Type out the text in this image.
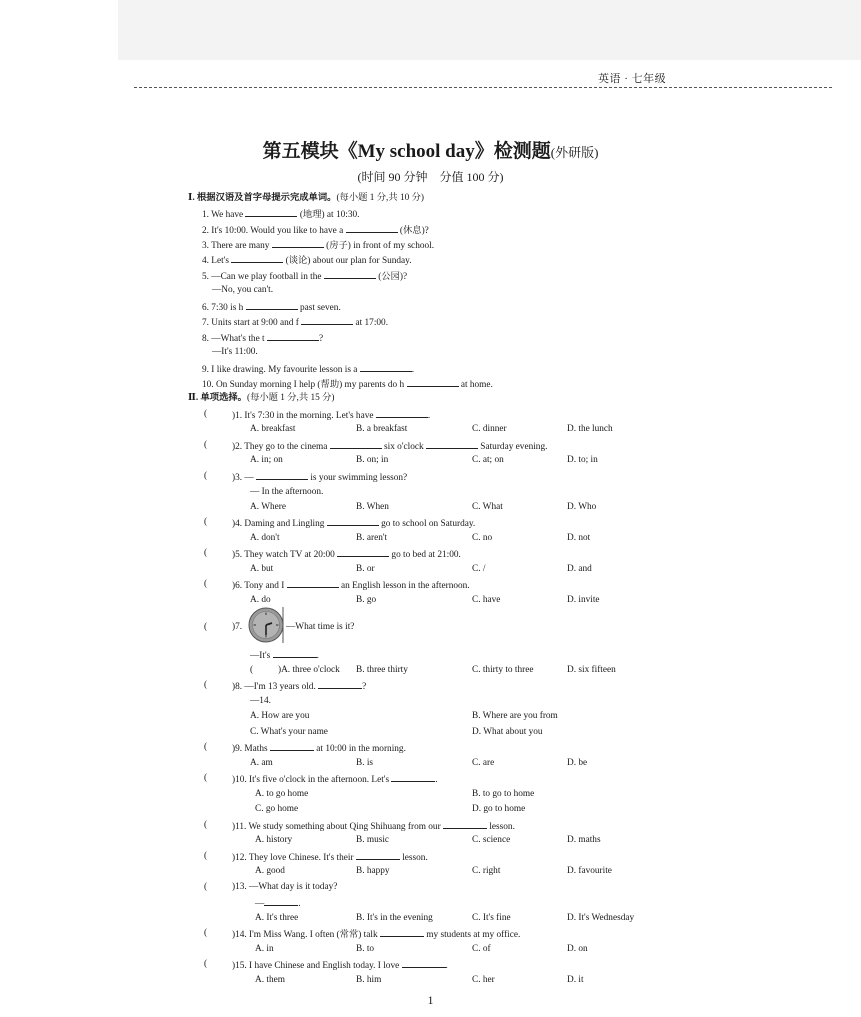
英语 · 七年级
第五模块《My school day》检测题(外研版)
(时间 90 分钟　分值 100 分)
Ⅰ. 根据汉语及首字母提示完成单词。(每小题 1 分,共 10 分)
1. We have	(地理) at 10:30.
2. It's 10:00. Would you like to have a	(休息)?
3. There are many	(房子) in front of my school.
4. Let's	(谈论) about our plan for Sunday.
5. —Can we play football in the	(公园)?
—No, you can't.
6. 7:30 is h	past seven.
7. Units start at 9:00 and f	at 17:00.
8. —What's the t	?
—It's 11:00.
9. I like drawing. My favourite lesson is a	.
10. On Sunday morning I help (帮助) my parents do h	at home.
Ⅱ. 单项选择。(每小题 1 分,共 15 分)
(	)1. It's 7:30 in the morning. Let's have	.
A. breakfast	B. a breakfast	C. dinner	D. the lunch
(	)2. They go to the cinema	six o'clock	Saturday evening.
A. in; on	B. on; in	C. at; on	D. to; in
(	)3. —	is your swimming lesson?
— In the afternoon.
A. Where	B. When	C. What	D. Who
(	)4. Daming and Lingling	go to school on Saturday.
A. don't	B. aren't	C. no	D. not
(	)5. They watch TV at 20:00	go to bed at 21:00.
A. but	B. or	C. /	D. and
(	)6. Tony and I	an English lesson in the afternoon.
A. do	B. go	C. have	D. invite
(	)7.	—What time is it?
—It's	.
(	)A. three o'clock B. three thirty	C. thirty to three	D. six fifteen
(	)8. —I'm 13 years old.	?
—14.
A. How are you	B. Where are you from
C. What's your name	D. What about you
(	)9. Maths	at 10:00 in the morning.
A. am	B. is	C. are	D. be
(	)10. It's five o'clock in the afternoon. Let's	.
A. to go home	B. to go to home
C. go home	D. go to home
(	)11. We study something about Qing Shihuang from our	lesson.
A. history	B. music	C. science	D. maths
(	)12. They love Chinese. It's their	lesson.
A. good	B. happy	C. right	D. favourite
(	)13. —What day is it today?
—	.
A. It's three	B. It's in the evening	C. It's fine	D. It's Wednesday
(	)14. I'm Miss Wang. I often (常常) talk	my students at my office.
A. in	B. to	C. of	D. on
(	)15. I have Chinese and English today. I love	.
A. them	B. him	C. her	D. it
1
